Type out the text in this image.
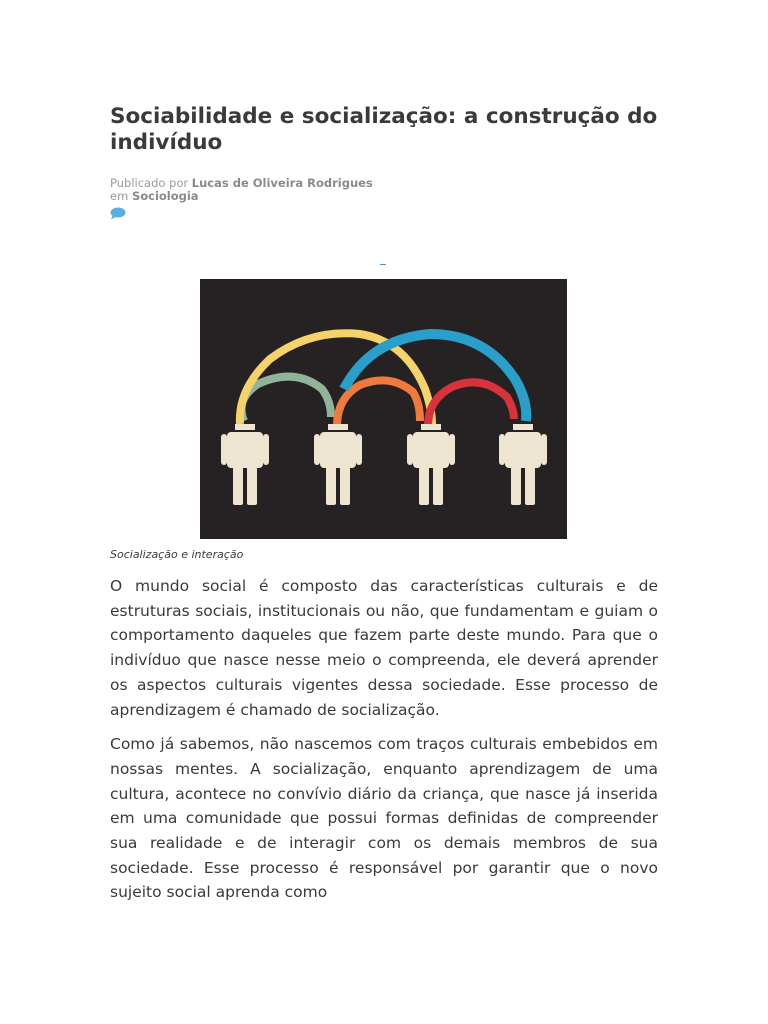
Sociabilidade e socialização: a construção do indivíduo
Publicado por Lucas de Oliveira Rodrigues
em Sociologia
Socialização e interação

O mundo social é composto das características culturais e de estruturas sociais, institucionais ou não, que fundamentam e guiam o comportamento daqueles que fazem parte deste mundo. Para que o indivíduo que nasce nesse meio o compreenda, ele deverá aprender os aspectos culturais vigentes dessa sociedade. Esse processo de aprendizagem é chamado de socialização.

Como já sabemos, não nascemos com traços culturais embebidos em nossas mentes. A socialização, enquanto aprendizagem de uma cultura, acontece no convívio diário da criança, que nasce já inserida em uma comunidade que possui formas definidas de compreender sua realidade e de interagir com os demais membros de sua sociedade. Esse processo é responsável por garantir que o novo sujeito social aprenda como
